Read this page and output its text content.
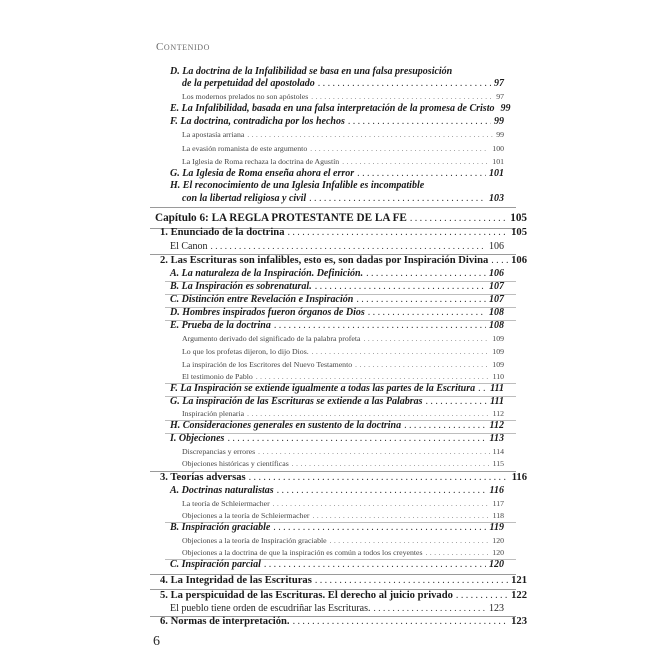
Contenido
D. La doctrina de la Infalibilidad se basa en una falsa presuposición
de la perpetuidad del apostolado .....	97
Los modernos prelados no son apóstoles .....	97
E. La Infalibilidad, basada en una falsa interpretación de la promesa de Cristo 99
F. La doctrina, contradicha por los hechos .....	99
La apostasía arriana .....	99
La evasión romanista de este argumento .....	100
La Iglesia de Roma rechaza la doctrina de Agustín .....	101
G. La Iglesia de Roma enseña ahora el error .....	101
H. El reconocimiento de una Iglesia Infalible es incompatible
con la libertad religiosa y civil .....	103
Capítulo 6: LA REGLA PROTESTANTE DE LA FE .....	105
1. Enunciado de la doctrina .....	105
El Canon .....	106
2. Las Escrituras son infalibles, esto es, son dadas por Inspiración Divina ..... 106
A. La naturaleza de la Inspiración. Definición. .....	106
B. La Inspiración es sobrenatural. .....	107
C. Distinción entre Revelación e Inspiración .....	107
D. Hombres inspirados fueron órganos de Dios .....	108
E. Prueba de la doctrina .....	108
Argumento derivado del significado de la palabra profeta .....	109
Lo que los profetas dijeron, lo dijo Dios. .....	109
La inspiración de los Escritores del Nuevo Testamento .....	109
El testimonio de Pablo .....	110
F. La Inspiración se extiende igualmente a todas las partes de la Escritura ..... 111
G. La inspiración de las Escrituras se extiende a las Palabras .....	111
Inspiración plenaria .....	112
H. Consideraciones generales en sustento de la doctrina .....	112
I. Objeciones .....	113
Discrepancias y errores .....	114
Objeciones históricas y científicas .....	115
3. Teorías adversas .....	116
A. Doctrinas naturalistas .....	116
La teoría de Schleiermacher .....	117
Objeciones a la teoría de Schleiermacher .....	118
B. Inspiración graciable .....	119
Objeciones a la teoría de Inspiración graciable .....	120
Objeciones a la doctrina de que la inspiración es común a todos los creyentes .....	120
C. Inspiración parcial .....	120
4. La Integridad de las Escrituras .....	121
5. La perspicuidad de las Escrituras. El derecho al juicio privado .....	122
El pueblo tiene orden de escudriñar las Escrituras. .....	123
6. Normas de interpretación. .....	123
6
